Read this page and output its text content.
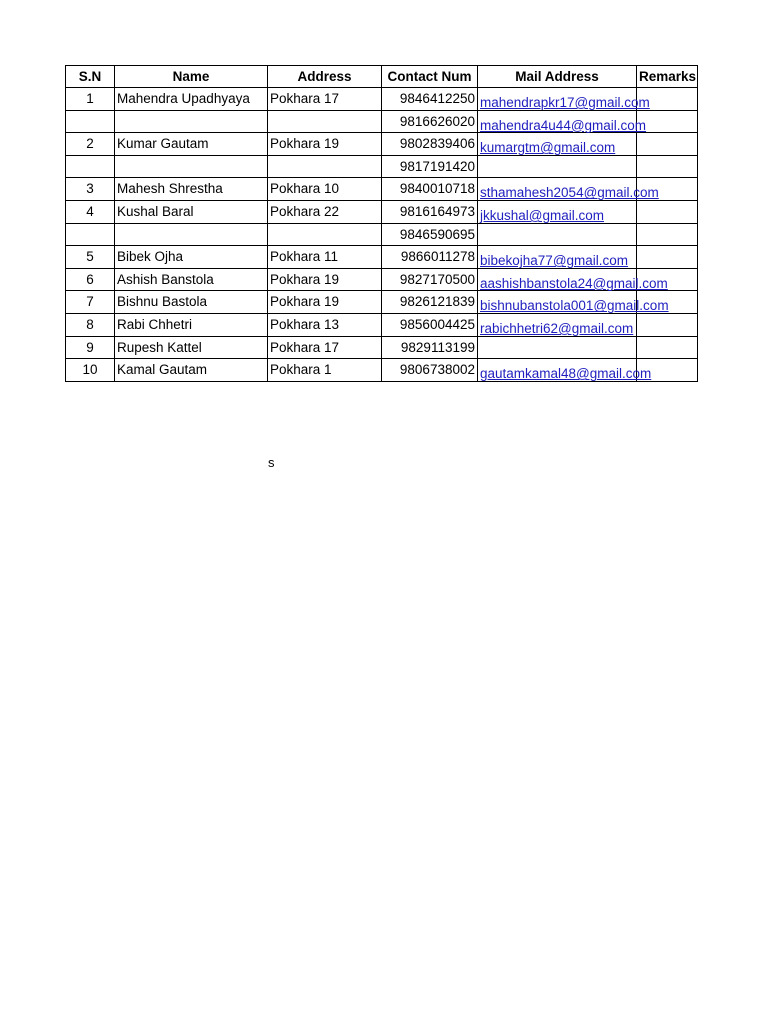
S.N	Name	Address	Contact Num	Mail Address	Remarks
1	Mahendra Upadhyaya	Pokhara 17	9846412250	mahendrapkr17@gmail.com	
			9816626020	mahendra4u44@gmail.com	
2	Kumar Gautam	Pokhara 19	9802839406	kumargtm@gmail.com	
			9817191420		
3	Mahesh Shrestha	Pokhara 10	9840010718	sthamahesh2054@gmail.com	
4	Kushal Baral	Pokhara 22	9816164973	jkkushal@gmail.com	
			9846590695		
5	Bibek Ojha	Pokhara 11	9866011278	bibekojha77@gmail.com	
6	Ashish Banstola	Pokhara 19	9827170500	aashishbanstola24@gmail.com	
7	Bishnu Bastola	Pokhara 19	9826121839	bishnubanstola001@gmail.com	
8	Rabi Chhetri	Pokhara 13	9856004425	rabichhetri62@gmail.com	
9	Rupesh Kattel	Pokhara 17	9829113199		
10	Kamal Gautam	Pokhara 1	9806738002	gautamkamal48@gmail.com	
s
